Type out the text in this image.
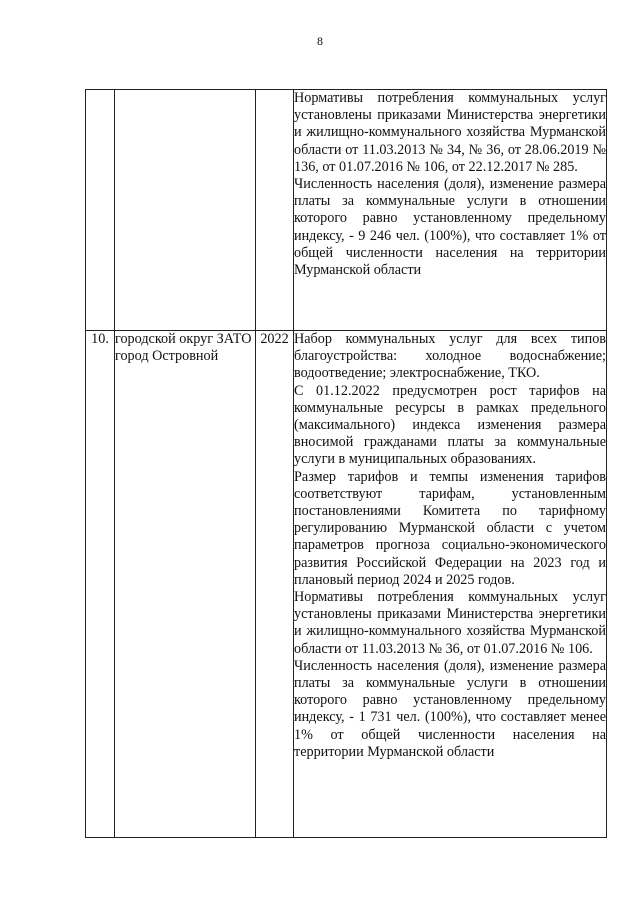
8

			Нормативы потребления коммунальных услуг установлены приказами Министерства энергетики и жилищно-коммунального хозяйства Мурманской области от 11.03.2013 № 34, № 36, от 28.06.2019 № 136, от 01.07.2016 № 106, от 22.12.2017 № 285.

Численность населения (доля), изменение размера платы за коммунальные услуги в отношении которого равно установленному предельному индексу, - 9 246 чел. (100%), что составляет 1% от общей численности населения на территории Мурманской области

10.	городской округ ЗАТО город Островной	2022	Набор коммунальных услуг для всех типов благоустройства: холодное водоснабжение; водоотведение; электроснабжение, ТКО.

С 01.12.2022 предусмотрен рост тарифов на коммунальные ресурсы в рамках предельного (максимального) индекса изменения размера вносимой гражданами платы за коммунальные услуги в муниципальных образованиях.

Размер тарифов и темпы изменения тарифов соответствуют тарифам, установленным постановлениями Комитета по тарифному регулированию Мурманской области с учетом параметров прогноза социально-экономического развития Российской Федерации на 2023 год и плановый период 2024 и 2025 годов.

Нормативы потребления коммунальных услуг установлены приказами Министерства энергетики и жилищно-коммунального хозяйства Мурманской области от 11.03.2013 № 36, от 01.07.2016 № 106.

Численность населения (доля), изменение размера платы за коммунальные услуги в отношении которого равно установленному предельному индексу, - 1 731 чел. (100%), что составляет менее 1% от общей численности населения на территории Мурманской области
